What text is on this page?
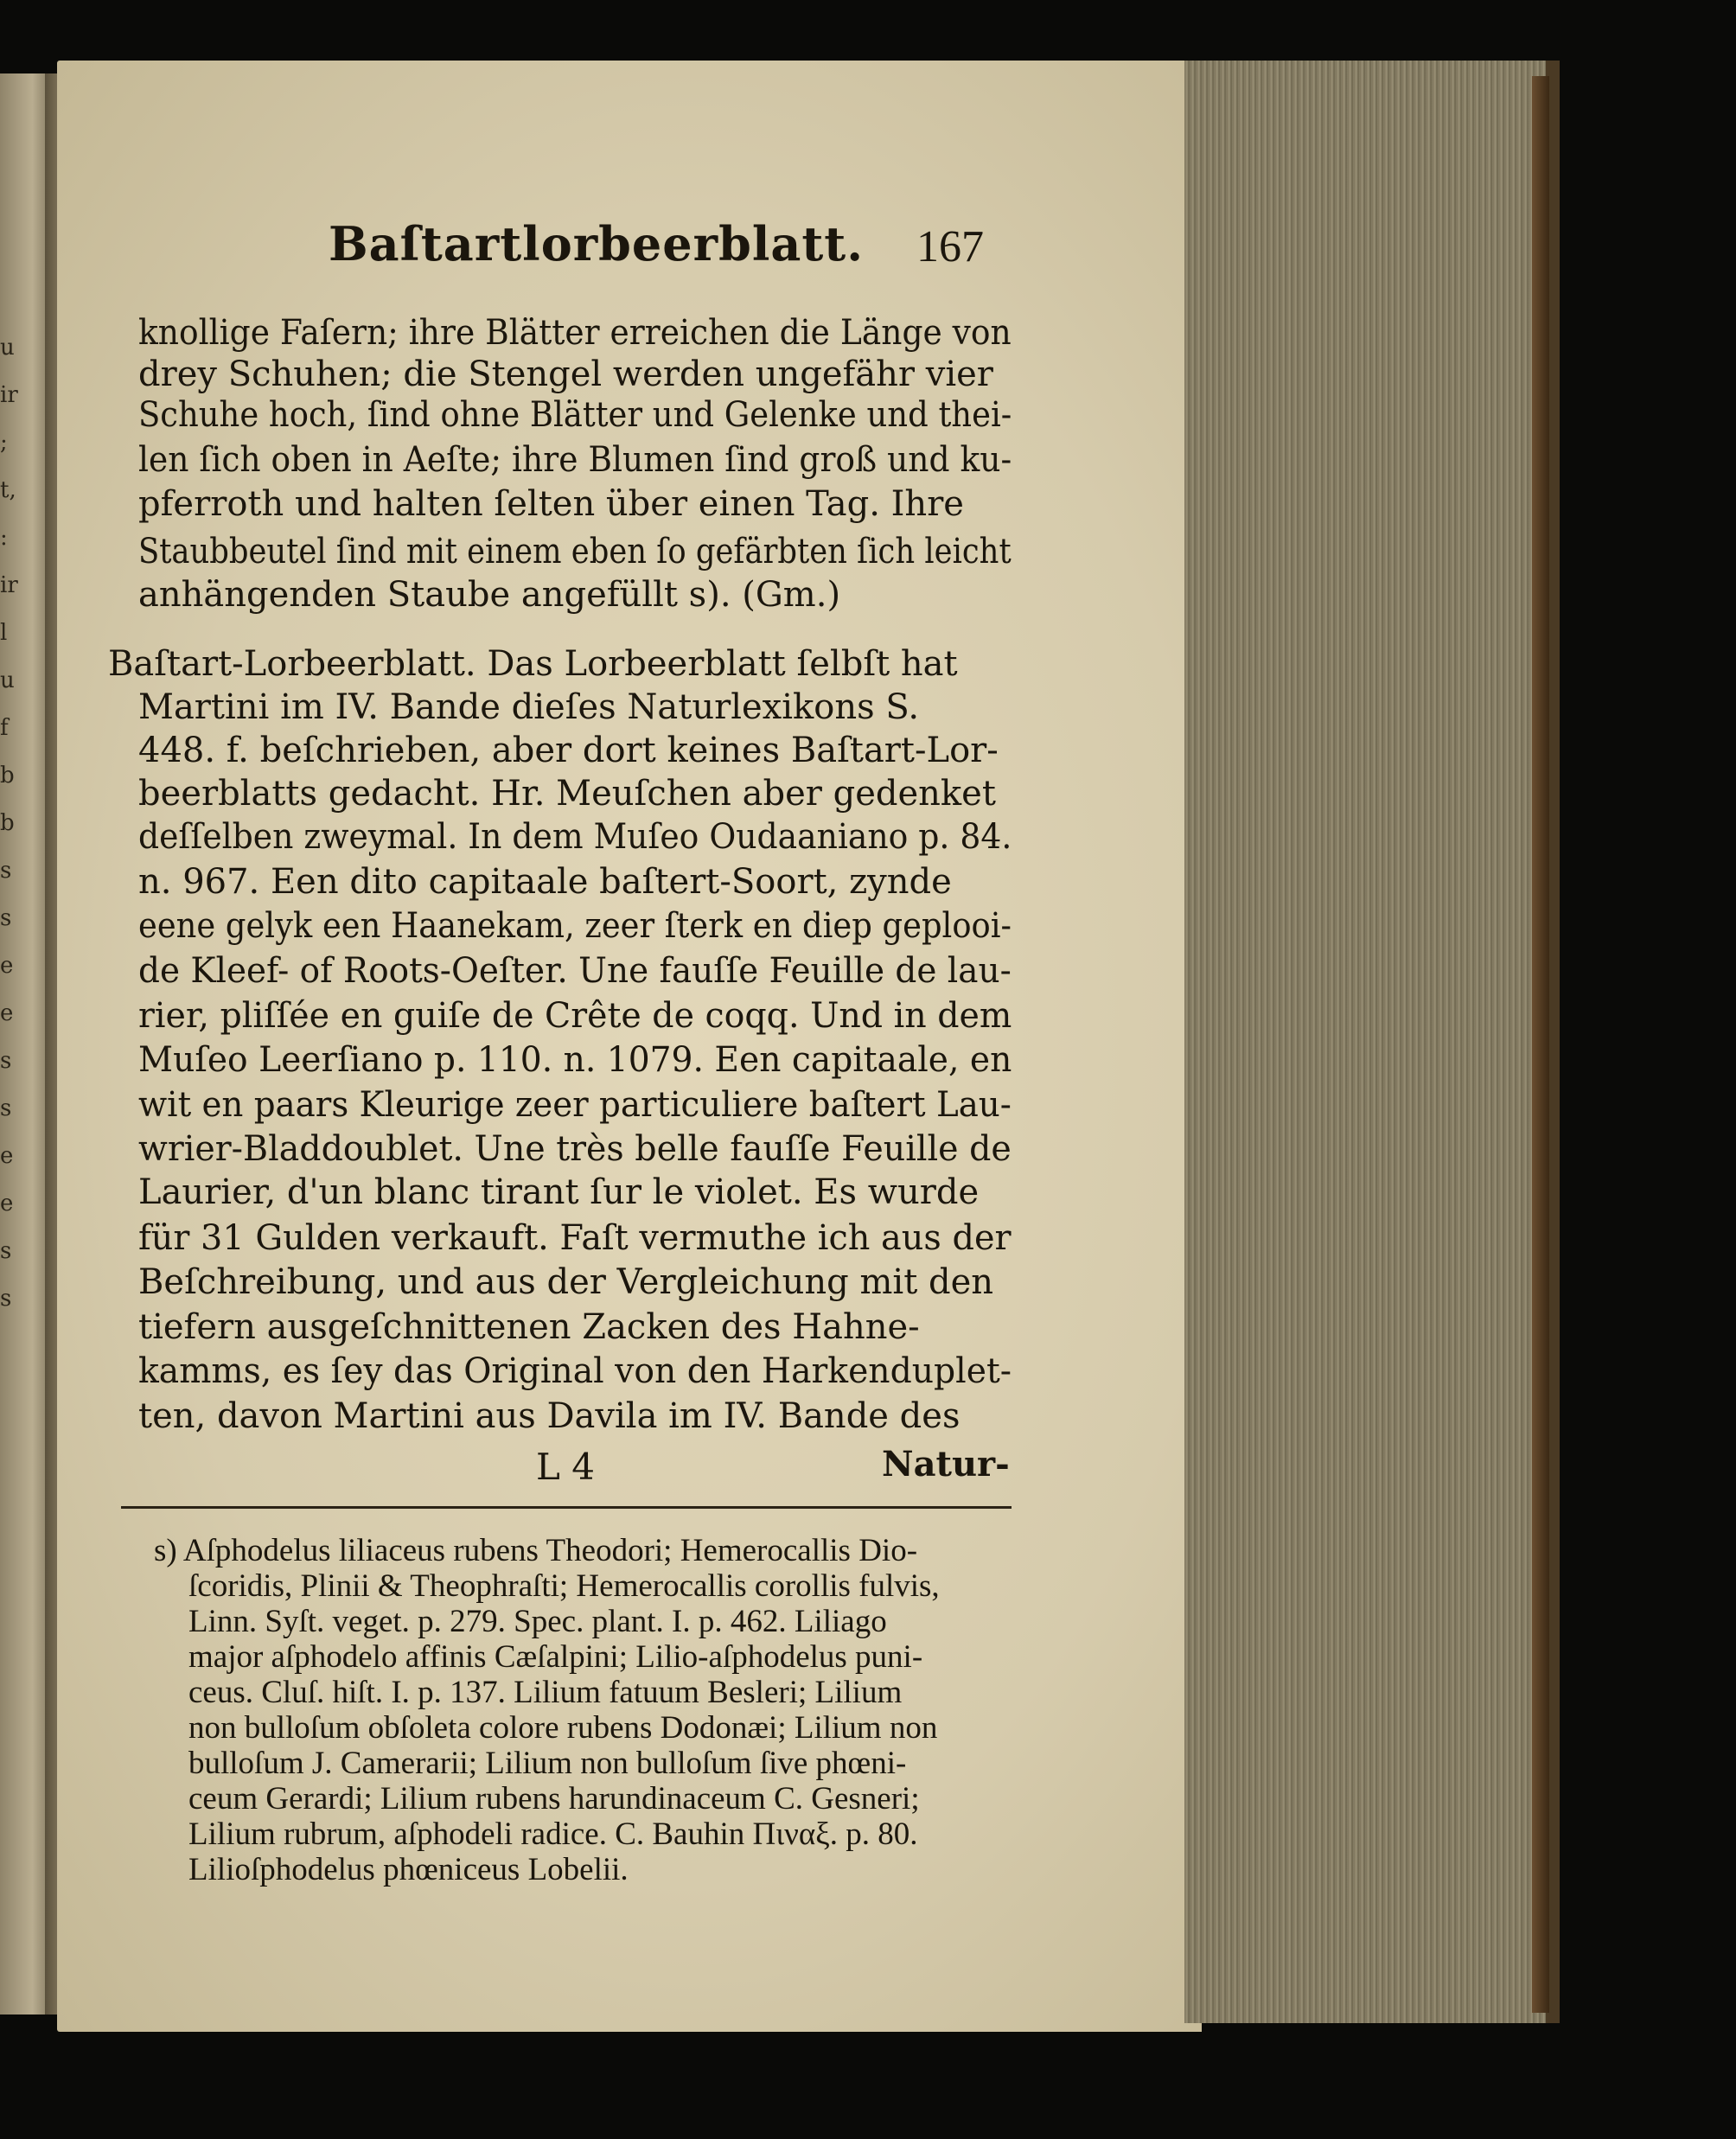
u
ir
;
t,
:
ir
l
u
f
b
b
s
s
e
e
s
s
e
e
s
s
Baſtartlorbeerblatt. 167
knollige Faſern; ihre Blätter erreichen die Länge von
drey Schuhen; die Stengel werden ungefähr vier
Schuhe hoch, ſind ohne Blätter und Gelenke und thei-
len ſich oben in Aeſte; ihre Blumen ſind groß und ku-
pferroth und halten ſelten über einen Tag. Ihre
Staubbeutel ſind mit einem eben ſo gefärbten ſich leicht
anhängenden Staube angefüllt s). (Gm.)
Baſtart-Lorbeerblatt. Das Lorbeerblatt ſelbſt hat
Martini im IV. Bande dieſes Naturlexikons S.
448. f. beſchrieben, aber dort keines Baſtart-Lor-
beerblatts gedacht. Hr. Meuſchen aber gedenket
deſſelben zweymal. In dem Muſeo Oudaaniano p. 84.
n. 967. Een dito capitaale baſtert-Soort, zynde
eene gelyk een Haanekam, zeer ſterk en diep geplooi-
de Kleef- of Roots-Oeſter. Une fauſſe Feuille de lau-
rier, pliſſée en guiſe de Crête de coqq. Und in dem
Muſeo Leerſiano p. 110. n. 1079. Een capitaale, en
wit en paars Kleurige zeer particuliere baſtert Lau-
wrier-Bladdoublet. Une très belle fauſſe Feuille de
Laurier, d'un blanc tirant ſur le violet. Es wurde
für 31 Gulden verkauft. Faſt vermuthe ich aus der
Beſchreibung, und aus der Vergleichung mit den
tiefern ausgeſchnittenen Zacken des Hahne-
kamms, es ſey das Original von den Harkenduplet-
ten, davon Martini aus Davila im IV. Bande des
L 4	Natur-
s) Aſphodelus liliaceus rubens Theodori; Hemerocallis Dio-
ſcoridis, Plinii & Theophraſti; Hemerocallis corollis fulvis,
Linn. Syſt. veget. p. 279. Spec. plant. I. p. 462. Liliago
major aſphodelo affinis Cæſalpini; Lilio-aſphodelus puni-
ceus. Cluſ. hiſt. I. p. 137. Lilium fatuum Besleri; Lilium
non bulloſum obſoleta colore rubens Dodonæi; Lilium non
bulloſum J. Camerarii; Lilium non bulloſum ſive phœni-
ceum Gerardi; Lilium rubens harundinaceum C. Gesneri;
Lilium rubrum, aſphodeli radice. C. Bauhin Πιναξ. p. 80.
Lilioſphodelus phœniceus Lobelii.
